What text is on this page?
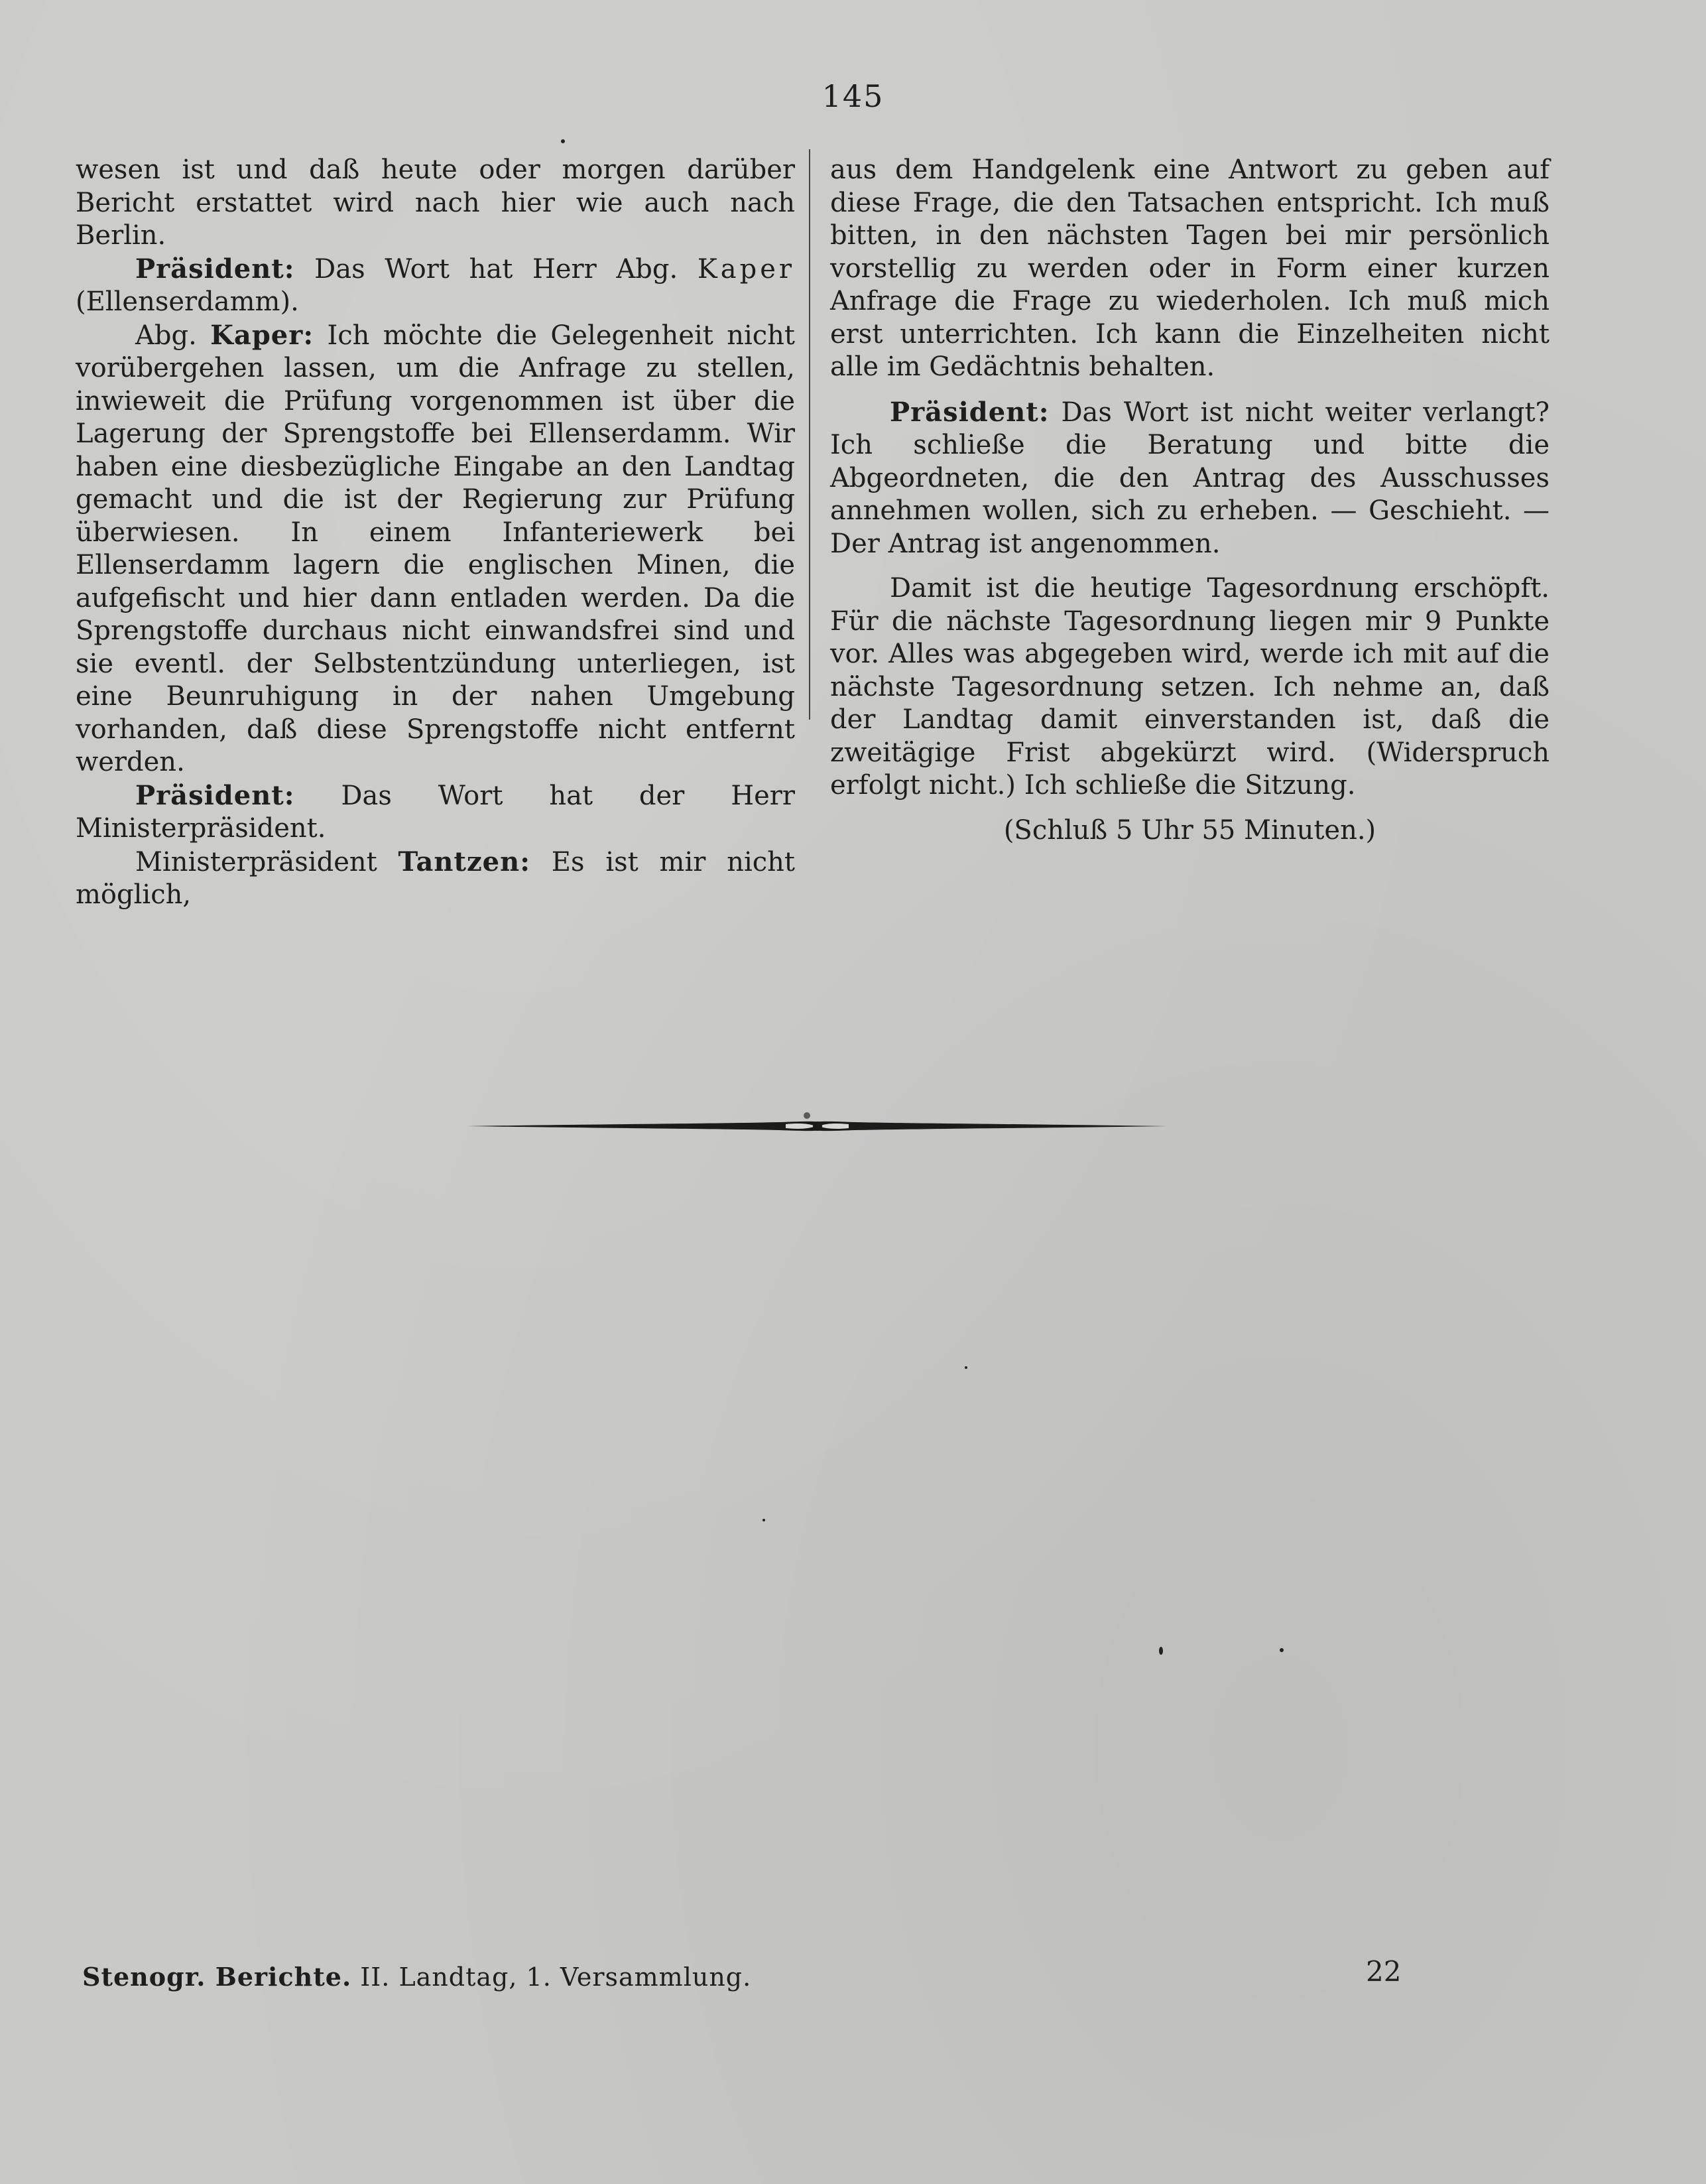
145

wesen ist und daß heute oder morgen darüber Bericht erstattet wird nach hier wie auch nach Berlin.

Präsident: Das Wort hat Herr Abg. Kaper (Ellenserdamm).

Abg. Kaper: Ich möchte die Gelegenheit nicht vorübergehen lassen, um die Anfrage zu stellen, inwieweit die Prüfung vorgenommen ist über die Lagerung der Sprengstoffe bei Ellenserdamm. Wir haben eine diesbezügliche Eingabe an den Landtag gemacht und die ist der Regierung zur Prüfung überwiesen. In einem Infanteriewerk bei Ellenserdamm lagern die englischen Minen, die aufgefischt und hier dann entladen werden. Da die Sprengstoffe durchaus nicht einwandsfrei sind und sie eventl. der Selbstentzündung unterliegen, ist eine Beunruhigung in der nahen Umgebung vorhanden, daß diese Sprengstoffe nicht entfernt werden.

Präsident: Das Wort hat der Herr Ministerpräsident.

Ministerpräsident Tantzen: Es ist mir nicht möglich,

aus dem Handgelenk eine Antwort zu geben auf diese Frage, die den Tatsachen entspricht. Ich muß bitten, in den nächsten Tagen bei mir persönlich vorstellig zu werden oder in Form einer kurzen Anfrage die Frage zu wiederholen. Ich muß mich erst unterrichten. Ich kann die Einzelheiten nicht alle im Gedächtnis behalten.

Präsident: Das Wort ist nicht weiter verlangt? Ich schließe die Beratung und bitte die Abgeordneten, die den Antrag des Ausschusses annehmen wollen, sich zu erheben. — Geschieht. — Der Antrag ist angenommen.

Damit ist die heutige Tagesordnung erschöpft. Für die nächste Tagesordnung liegen mir 9 Punkte vor. Alles was abgegeben wird, werde ich mit auf die nächste Tagesordnung setzen. Ich nehme an, daß der Landtag damit einverstanden ist, daß die zweitägige Frist abgekürzt wird. (Widerspruch erfolgt nicht.) Ich schließe die Sitzung.

(Schluß 5 Uhr 55 Minuten.)

Stenogr. Berichte. II. Landtag, 1. Versammlung.	22
